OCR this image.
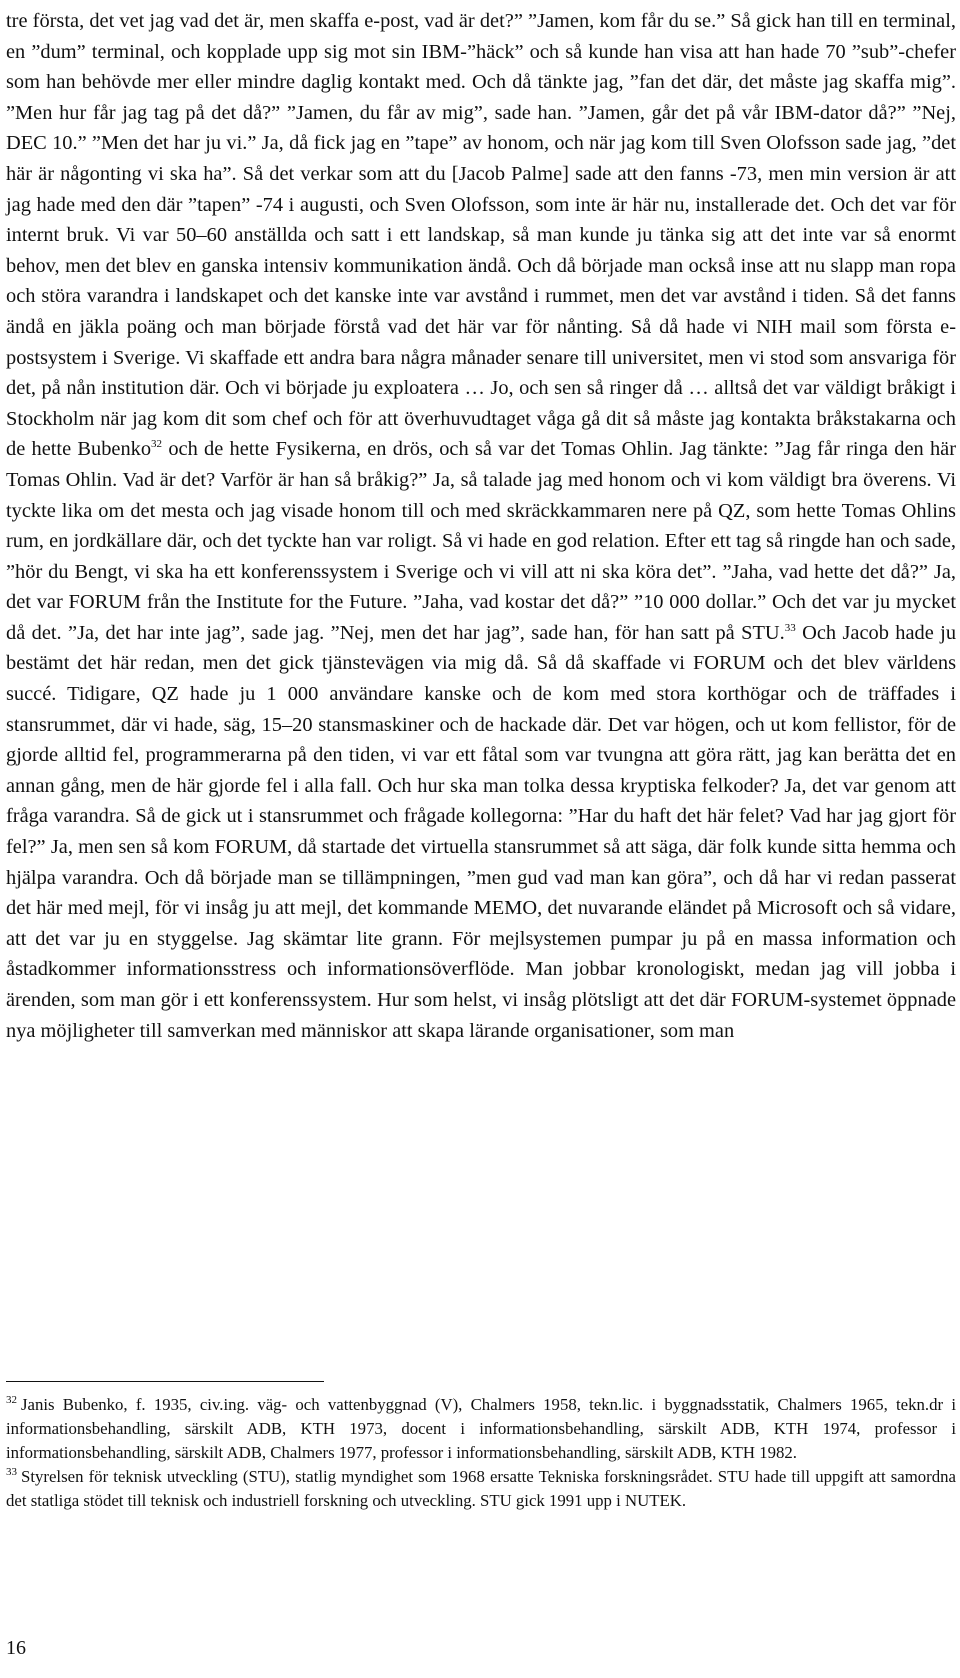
tre första, det vet jag vad det är, men skaffa e-post, vad är det?” ”Jamen, kom får du se.” Så gick han till en terminal, en ”dum” terminal, och kopplade upp sig mot sin IBM-”häck” och så kunde han visa att han hade 70 ”sub”-chefer som han behövde mer eller mindre daglig kontakt med. Och då tänkte jag, ”fan det där, det måste jag skaffa mig”. ”Men hur får jag tag på det då?” ”Jamen, du får av mig”, sade han. ”Jamen, går det på vår IBM-dator då?” ”Nej, DEC 10.” ”Men det har ju vi.” Ja, då fick jag en ”tape” av honom, och när jag kom till Sven Olofsson sade jag, ”det här är någonting vi ska ha”. Så det verkar som att du [Jacob Palme] sade att den fanns -73, men min version är att jag hade med den där ”tapen” -74 i augusti, och Sven Olofsson, som inte är här nu, installerade det. Och det var för internt bruk. Vi var 50–60 anställda och satt i ett landskap, så man kunde ju tänka sig att det inte var så enormt behov, men det blev en ganska intensiv kommunikation ändå. Och då började man också inse att nu slapp man ropa och störa varandra i landskapet och det kanske inte var avstånd i rummet, men det var avstånd i tiden. Så det fanns ändå en jäkla poäng och man började förstå vad det här var för nånting. Så då hade vi NIH mail som första e-postsystem i Sverige. Vi skaffade ett andra bara några månader senare till universitet, men vi stod som ansvariga för det, på nån institution där. Och vi började ju exploatera … Jo, och sen så ringer då … alltså det var väldigt bråkigt i Stockholm när jag kom dit som chef och för att överhuvudtaget våga gå dit så måste jag kontakta bråkstakarna och de hette Bubenko$^{32}$ och de hette Fysikerna, en drös, och så var det Tomas Ohlin. Jag tänkte: ”Jag får ringa den här Tomas Ohlin. Vad är det? Varför är han så bråkig?” Ja, så talade jag med honom och vi kom väldigt bra överens. Vi tyckte lika om det mesta och jag visade honom till och med skräckkammaren nere på QZ, som hette Tomas Ohlins rum, en jordkällare där, och det tyckte han var roligt. Så vi hade en god relation. Efter ett tag så ringde han och sade, ”hör du Bengt, vi ska ha ett konferenssystem i Sverige och vi vill att ni ska köra det”. ”Jaha, vad hette det då?” Ja, det var FORUM från the Institute for the Future. ”Jaha, vad kostar det då?” ”10 000 dollar.” Och det var ju mycket då det. ”Ja, det har inte jag”, sade jag. ”Nej, men det har jag”, sade han, för han satt på STU.$^{33}$ Och Jacob hade ju bestämt det här redan, men det gick tjänstevägen via mig då. Så då skaffade vi FORUM och det blev världens succé. Tidigare, QZ hade ju 1 000 användare kanske och de kom med stora korthögar och de träffades i stansrummet, där vi hade, säg, 15–20 stansmaskiner och de hackade där. Det var högen, och ut kom fellistor, för de gjorde alltid fel, programmerarna på den tiden, vi var ett fåtal som var tvungna att göra rätt, jag kan berätta det en annan gång, men de här gjorde fel i alla fall. Och hur ska man tolka dessa kryptiska felkoder? Ja, det var genom att fråga varandra. Så de gick ut i stansrummet och frågade kollegorna: ”Har du haft det här felet? Vad har jag gjort för fel?” Ja, men sen så kom FORUM, då startade det virtuella stansrummet så att säga, där folk kunde sitta hemma och hjälpa varandra. Och då började man se tillämpningen, ”men gud vad man kan göra”, och då har vi redan passerat det här med mejl, för vi insåg ju att mejl, det kommande MEMO, det nuvarande eländet på Microsoft och så vidare, att det var ju en styggelse. Jag skämtar lite grann. För mejlsystemen pumpar ju på en massa information och åstadkommer informationsstress och informationsöverflöde. Man jobbar kronologiskt, medan jag vill jobba i ärenden, som man gör i ett konferenssystem. Hur som helst, vi insåg plötsligt att det där FORUM-systemet öppnade nya möjligheter till samverkan med människor att skapa lärande organisationer, som man

$^{32}$ Janis Bubenko, f. 1935, civ.ing. väg- och vattenbyggnad (V), Chalmers 1958, tekn.lic. i byggnadsstatik, Chalmers 1965, tekn.dr i informationsbehandling, särskilt ADB, KTH 1973, docent i informationsbehandling, särskilt ADB, KTH 1974, professor i informationsbehandling, särskilt ADB, Chalmers 1977, professor i informationsbehandling, särskilt ADB, KTH 1982.

$^{33}$ Styrelsen för teknisk utveckling (STU), statlig myndighet som 1968 ersatte Tekniska forskningsrådet. STU hade till uppgift att samordna det statliga stödet till teknisk och industriell forskning och utveckling. STU gick 1991 upp i NUTEK.

16
